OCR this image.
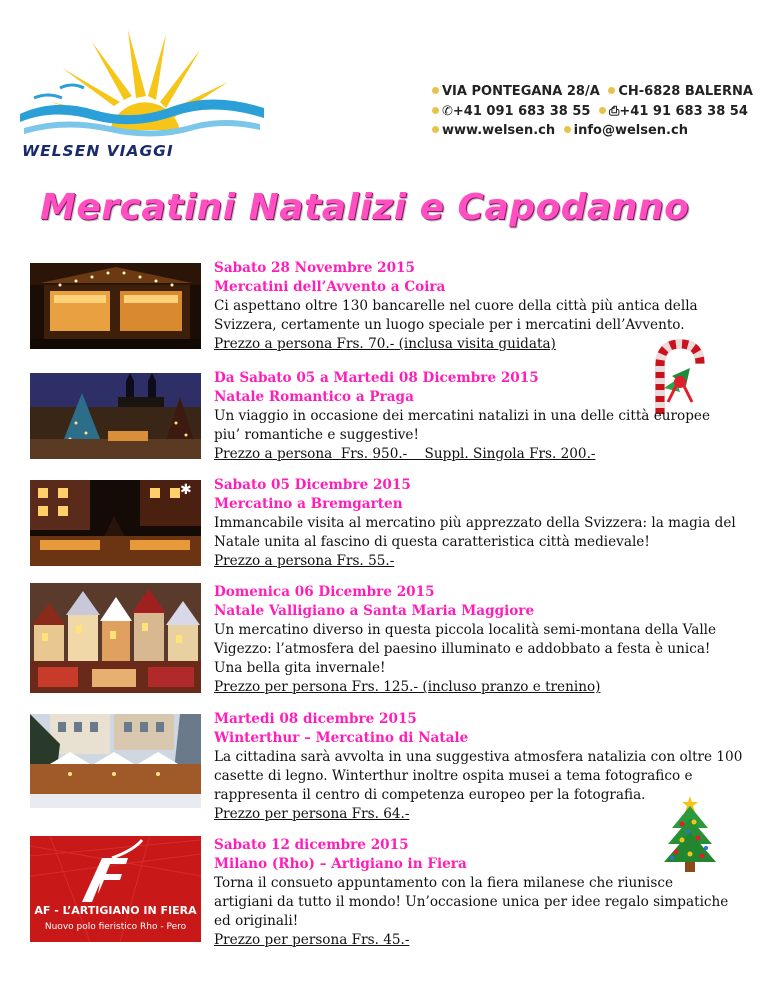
WELSEN VIAGGI
VIA PONTEGANA 28/A CH-6828 BALERNA
✆+41 091 683 38 55 ⎙+41 91 683 38 54
www.welsen.ch info@welsen.ch
Mercatini Natalizi e Capodanno
Sabato 28 Novembre 2015
Mercatini dell’Avvento a Coira
Ci aspettano oltre 130 bancarelle nel cuore della città più antica della
Svizzera, certamente un luogo speciale per i mercatini dell’Avvento.
Prezzo a persona Frs. 70.- (inclusa visita guidata)
Da Sabato 05 a Martedi 08 Dicembre 2015
Natale Romantico a Praga
Un viaggio in occasione dei mercatini natalizi in una delle città europee
piu’ romantiche e suggestive!
Prezzo a persona  Frs. 950.-    Suppl. Singola Frs. 200.-
✱ Sabato 05 Dicembre 2015
Mercatino a Bremgarten
Immancabile visita al mercatino più apprezzato della Svizzera: la magia del
Natale unita al fascino di questa caratteristica città medievale!
Prezzo a persona Frs. 55.-
Domenica 06 Dicembre 2015
Natale Valligiano a Santa Maria Maggiore
Un mercatino diverso in questa piccola località semi-montana della Valle
Vigezzo: l’atmosfera del paesino illuminato e addobbato a festa è unica!
Una bella gita invernale!
Prezzo per persona Frs. 125.- (incluso pranzo e trenino)
Martedi 08 dicembre 2015
Winterthur – Mercatino di Natale
La cittadina sarà avvolta in una suggestiva atmosfera natalizia con oltre 100
casette di legno. Winterthur inoltre ospita musei a tema fotografico e
rappresenta il centro di competenza europeo per la fotografia.
Prezzo per persona Frs. 64.-
AF - L’ARTIGIANO IN FIERA
Nuovo polo fieristico Rho - Pero
Sabato 12 dicembre 2015
Milano (Rho) – Artigiano in Fiera
Torna il consueto appuntamento con la fiera milanese che riunisce
artigiani da tutto il mondo! Un’occasione unica per idee regalo simpatiche
ed originali!
Prezzo per persona Frs. 45.-
